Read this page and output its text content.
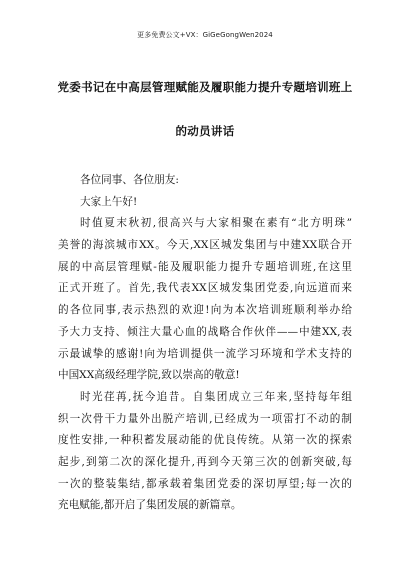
更多免费公文+VX：GiGeGongWen2024
党委书记在中高层管理赋能及履职能力提升专题培训班上
的动员讲话
各位同事、各位朋友:
大家上午好!
时值夏末秋初,很高兴与大家相聚在素有“北方明珠”
美誉的海滨城市XX。今天,XX区城发集团与中建XX联合开
展的中高层管理赋-能及履职能力提升专题培训班,在这里
正式开班了。首先,我代表XX区城发集团党委,向远道而来
的各位同事,表示热烈的欢迎!向为本次培训班顺利举办给
予大力支持、倾注大量心血的战略合作伙伴——中建XX,表
示最诚挚的感谢!向为培训提供一流学习环境和学术支持的
中国XX高级经理学院,致以崇高的敬意!
时光荏苒,抚今追昔。自集团成立三年来,坚持每年组
织一次骨干力量外出脱产培训,已经成为一项雷打不动的制
度性安排,一种积蓄发展动能的优良传统。从第一次的探索
起步,到第二次的深化提升,再到今天第三次的创新突破,每
一次的整装集结,都承载着集团党委的深切厚望;每一次的
充电赋能,都开启了集团发展的新篇章。
